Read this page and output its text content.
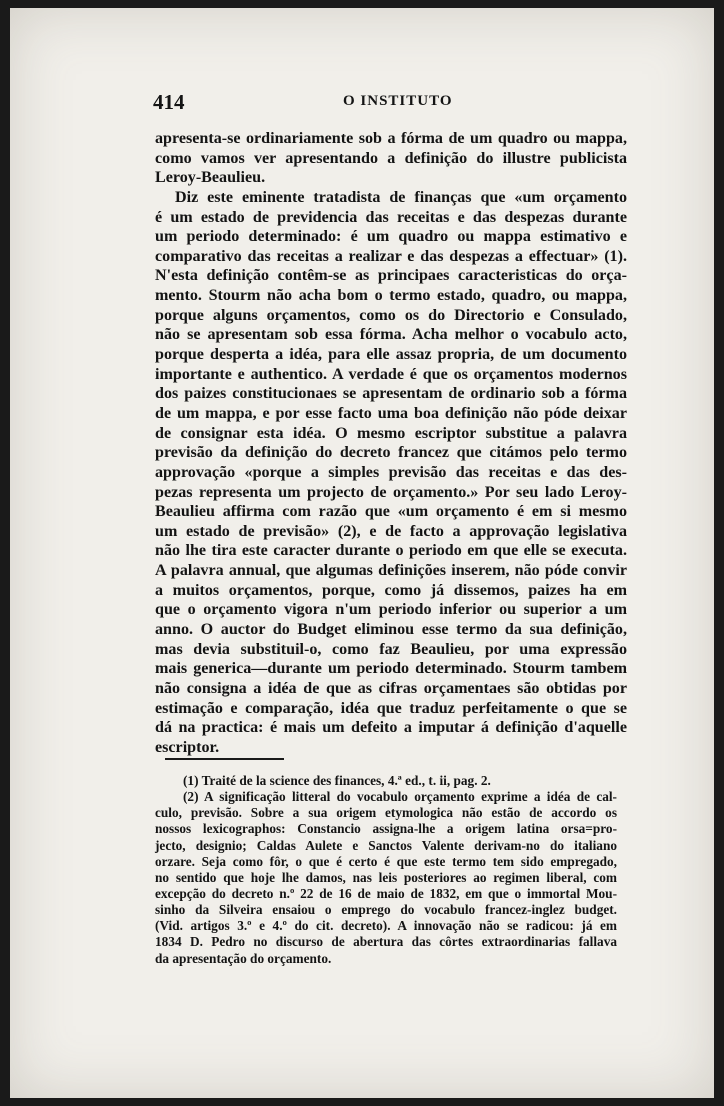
414	O INSTITUTO
apresenta-se ordinariamente sob a fórma de um quadro ou mappa,
como vamos ver apresentando a definição do illustre publicista
Leroy-Beaulieu.
Diz este eminente tratadista de finanças que «um orçamento
é um estado de previdencia das receitas e das despezas durante
um periodo determinado: é um quadro ou mappa estimativo e
comparativo das receitas a realizar e das despezas a effectuar» (1).
N'esta definição contêm-se as principaes caracteristicas do orça-
mento. Stourm não acha bom o termo estado, quadro, ou mappa,
porque alguns orçamentos, como os do Directorio e Consulado,
não se apresentam sob essa fórma. Acha melhor o vocabulo acto,
porque desperta a idéa, para elle assaz propria, de um documento
importante e authentico. A verdade é que os orçamentos modernos
dos paizes constitucionaes se apresentam de ordinario sob a fórma
de um mappa, e por esse facto uma boa definição não póde deixar
de consignar esta idéa. O mesmo escriptor substitue a palavra
previsão da definição do decreto francez que citámos pelo termo
approvação «porque a simples previsão das receitas e das des-
pezas representa um projecto de orçamento.» Por seu lado Leroy-
Beaulieu affirma com razão que «um orçamento é em si mesmo
um estado de previsão» (2), e de facto a approvação legislativa
não lhe tira este caracter durante o periodo em que elle se executa.
A palavra annual, que algumas definições inserem, não póde convir
a muitos orçamentos, porque, como já dissemos, paizes ha em
que o orçamento vigora n'um periodo inferior ou superior a um
anno. O auctor do Budget eliminou esse termo da sua definição,
mas devia substituil-o, como faz Beaulieu, por uma expressão
mais generica—durante um periodo determinado. Stourm tambem
não consigna a idéa de que as cifras orçamentaes são obtidas por
estimação e comparação, idéa que traduz perfeitamente o que se
dá na practica: é mais um defeito a imputar á definição d'aquelle
escriptor.
(1) Traité de la science des finances, 4.ª ed., t. ii, pag. 2.
(2) A significação litteral do vocabulo orçamento exprime a idéa de cal-
culo, previsão. Sobre a sua origem etymologica não estão de accordo os
nossos lexicographos: Constancio assigna-lhe a origem latina orsa=pro-
jecto, designio; Caldas Aulete e Sanctos Valente derivam-no do italiano
orzare. Seja como fôr, o que é certo é que este termo tem sido empregado,
no sentido que hoje lhe damos, nas leis posteriores ao regimen liberal, com
excepção do decreto n.º 22 de 16 de maio de 1832, em que o immortal Mou-
sinho da Silveira ensaiou o emprego do vocabulo francez-inglez budget.
(Vid. artigos 3.º e 4.º do cit. decreto). A innovação não se radicou: já em
1834 D. Pedro no discurso de abertura das côrtes extraordinarias fallava
da apresentação do orçamento.
